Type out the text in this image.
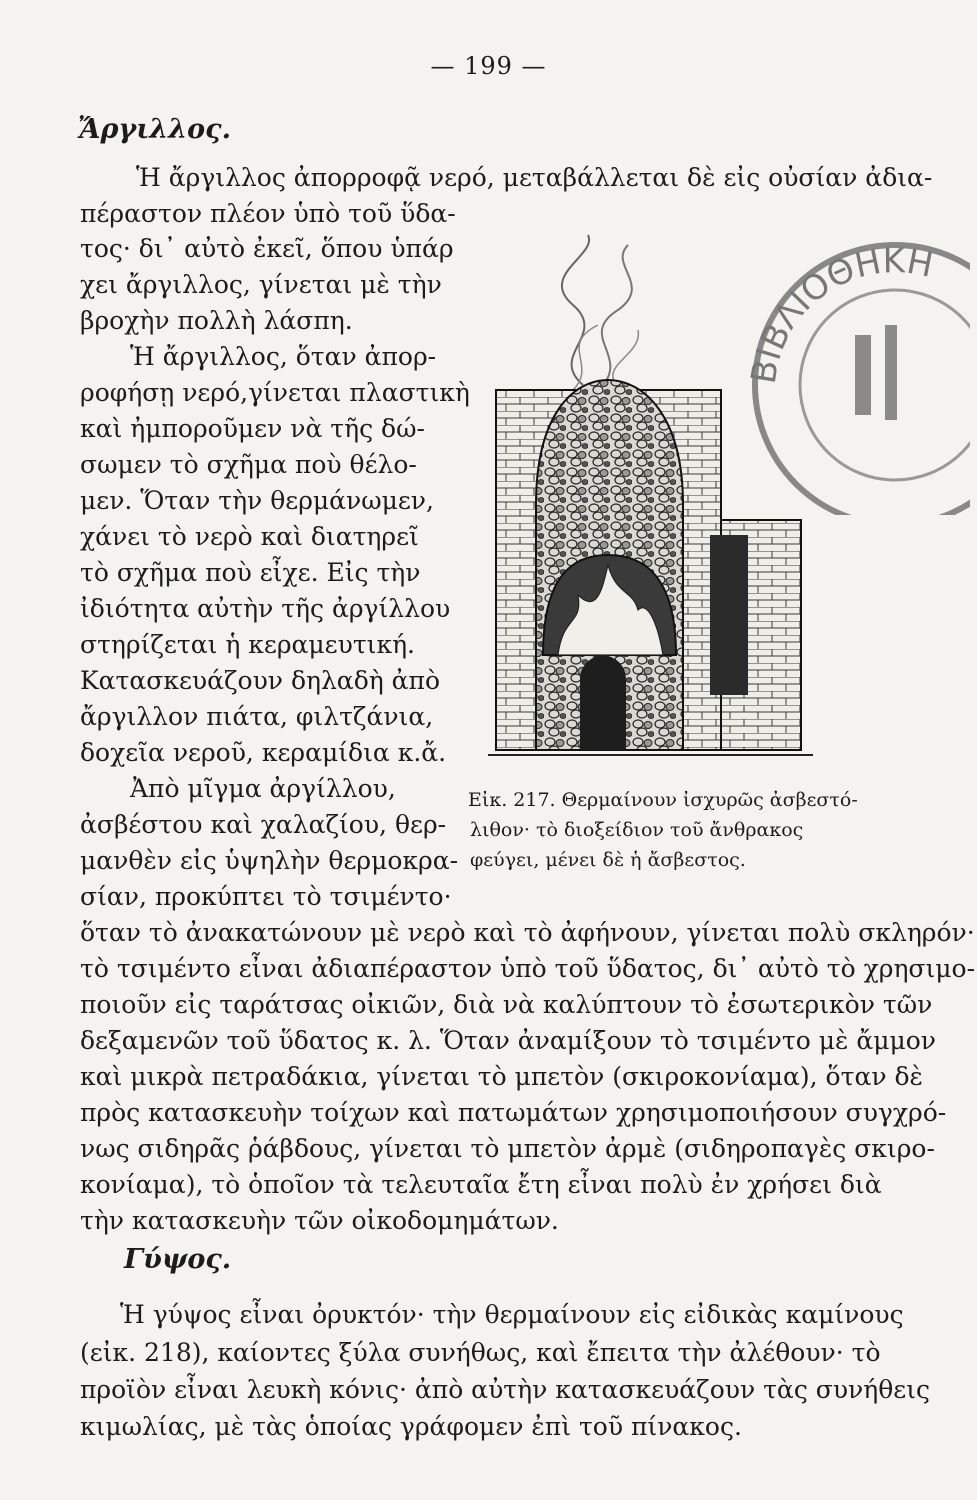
— 199 —
Ἄργιλλος.
Ἡ ἄργιλλος ἀπορροφᾷ νερό, μεταβάλλεται δὲ εἰς οὐσίαν ἀδια-
πέραστον πλέον ὑπὸ τοῦ ὕδα-
τος· δι᾽ αὐτὸ ἐκεῖ, ὅπου ὑπάρ
χει ἄργιλλος, γίνεται μὲ τὴν
βροχὴν πολλὴ λάσπη.
Ἡ ἄργιλλος, ὅταν ἀπορ-
ροφήσῃ νερό,γίνεται πλαστικὴ
καὶ ἠμποροῦμεν νὰ τῆς δώ-
σωμεν τὸ σχῆμα ποὺ θέλο-
μεν. Ὅταν τὴν θερμάνωμεν,
χάνει τὸ νερὸ καὶ διατηρεῖ
τὸ σχῆμα ποὺ εἶχε. Εἰς τὴν
ἰδιότητα αὐτὴν τῆς ἀργίλλου
στηρίζεται ἡ κεραμευτική.
Κατασκευάζουν δηλαδὴ ἀπὸ
ἄργιλλον πιάτα, φιλτζάνια,
δοχεῖα νεροῦ, κεραμίδια κ.ἄ.
Ἀπὸ μῖγμα ἀργίλλου,
ἀσβέστου καὶ χαλαζίου, θερ-
μανθὲν εἰς ὑψηλὴν θερμοκρα-
σίαν, προκύπτει τὸ τσιμέντο·
ὅταν τὸ ἀνακατώνουν μὲ νερὸ καὶ τὸ ἀφήνουν, γίνεται πολὺ σκληρόν·
τὸ τσιμέντο εἶναι ἀδιαπέραστον ὑπὸ τοῦ ὕδατος, δι᾽ αὐτὸ τὸ χρησιμο-
ποιοῦν εἰς ταράτσας οἰκιῶν, διὰ νὰ καλύπτουν τὸ ἐσωτερικὸν τῶν
δεξαμενῶν τοῦ ὕδατος κ. λ. Ὅταν ἀναμίξουν τὸ τσιμέντο μὲ ἄμμον
καὶ μικρὰ πετραδάκια, γίνεται τὸ μπετὸν (σκιροκονίαμα), ὅταν δὲ
πρὸς κατασκευὴν τοίχων καὶ πατωμάτων χρησιμοποιήσουν συγχρό-
νως σιδηρᾶς ῥάβδους, γίνεται τὸ μπετὸν ἀρμὲ (σιδηροπαγὲς σκιρο-
κονίαμα), τὸ ὁποῖον τὰ τελευταῖα ἔτη εἶναι πολὺ ἐν χρήσει διὰ
τὴν κατασκευὴν τῶν οἰκοδομημάτων.
Εἰκ. 217. Θερμαίνουν ἰσχυρῶς ἀσβεστό-
λιθον· τὸ διοξείδιον τοῦ ἄνθρακος
φεύγει, μένει δὲ ἡ ἄσβεστος.
ΒΙΒΛΙΟΘΗΚΗ
Γύψος.
Ἡ γύψος εἶναι ὀρυκτόν· τὴν θερμαίνουν εἰς εἰδικὰς καμίνους
(εἰκ. 218), καίοντες ξύλα συνήθως, καὶ ἔπειτα τὴν ἀλέθουν· τὸ
προϊὸν εἶναι λευκὴ κόνις· ἀπὸ αὐτὴν κατασκευάζουν τὰς συνήθεις
κιμωλίας, μὲ τὰς ὁποίας γράφομεν ἐπὶ τοῦ πίνακος.
